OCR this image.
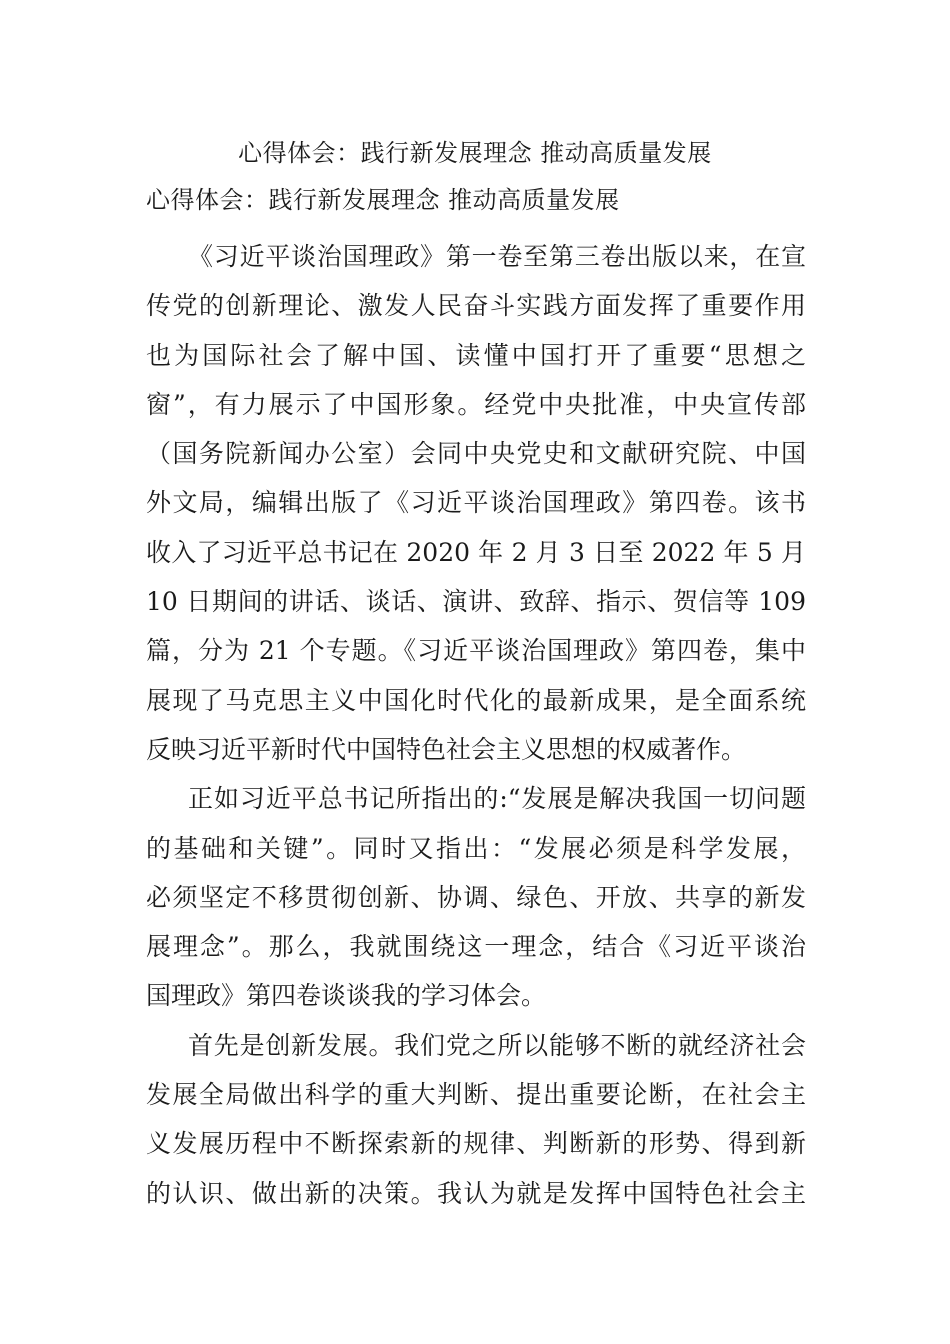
心得体会：践行新发展理念 推动高质量发展
心得体会：践行新发展理念 推动高质量发展
《习近平谈治国理政》第一卷至第三卷出版以来，在宣
传党的创新理论、激发人民奋斗实践方面发挥了重要作用
也为国际社会了解中国、读懂中国打开了重要“思想之
窗”，有力展示了中国形象。经党中央批准，中央宣传部
（国务院新闻办公室）会同中央党史和文献研究院、中国
外文局，编辑出版了《习近平谈治国理政》第四卷。该书
收入了习近平总书记在 2020 年 2 月 3 日至 2022 年 5 月
10 日期间的讲话、谈话、演讲、致辞、指示、贺信等 109
篇，分为 21 个专题。《习近平谈治国理政》第四卷，集中
展现了马克思主义中国化时代化的最新成果，是全面系统
反映习近平新时代中国特色社会主义思想的权威著作。
正如习近平总书记所指出的:“发展是解决我国一切问题
的基础和关键”。同时又指出：“发展必须是科学发展，
必须坚定不移贯彻创新、协调、绿色、开放、共享的新发
展理念”。那么，我就围绕这一理念，结合《习近平谈治
国理政》第四卷谈谈我的学习体会。
首先是创新发展。我们党之所以能够不断的就经济社会
发展全局做出科学的重大判断、提出重要论断，在社会主
义发展历程中不断探索新的规律、判断新的形势、得到新
的认识、做出新的决策。我认为就是发挥中国特色社会主
